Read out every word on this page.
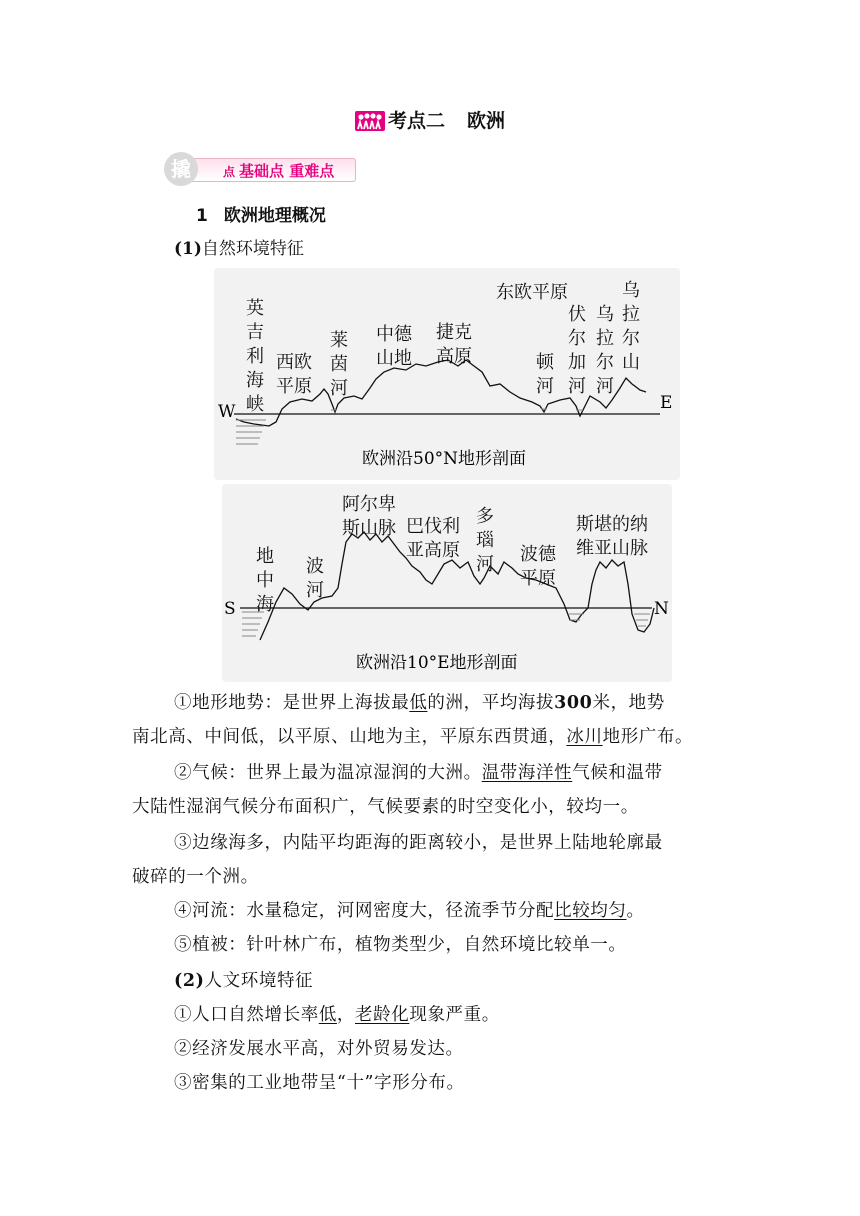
考点二 欧洲
点 基础点 重难点
撬
1 欧洲地理概况
(1)自然环境特征
W	E
英
吉
利
海
峡
西欧
平原
莱
茵
河
中德
山地
捷克
高原
东欧平原
顿
河
伏
尔
加
河
乌
拉
尔
河
乌
拉
尔
山
欧洲沿50°N地形剖面
S	N
地
中
海
波
河
阿尔卑
斯山脉 巴伐利
亚高原
多
瑙
河 波德
平原
斯堪的纳
维亚山脉
欧洲沿10°E地形剖面
①地形地势：是世界上海拔最低的洲，平均海拔300米，地势
南北高、中间低，以平原、山地为主，平原东西贯通，冰川地形广布。
②气候：世界上最为温凉湿润的大洲。温带海洋性气候和温带
大陆性湿润气候分布面积广，气候要素的时空变化小，较均一。
③边缘海多，内陆平均距海的距离较小，是世界上陆地轮廓最
破碎的一个洲。
④河流：水量稳定，河网密度大，径流季节分配比较均匀。
⑤植被：针叶林广布，植物类型少，自然环境比较单一。
(2)人文环境特征
①人口自然增长率低，老龄化现象严重。
②经济发展水平高，对外贸易发达。
③密集的工业地带呈“十”字形分布。
